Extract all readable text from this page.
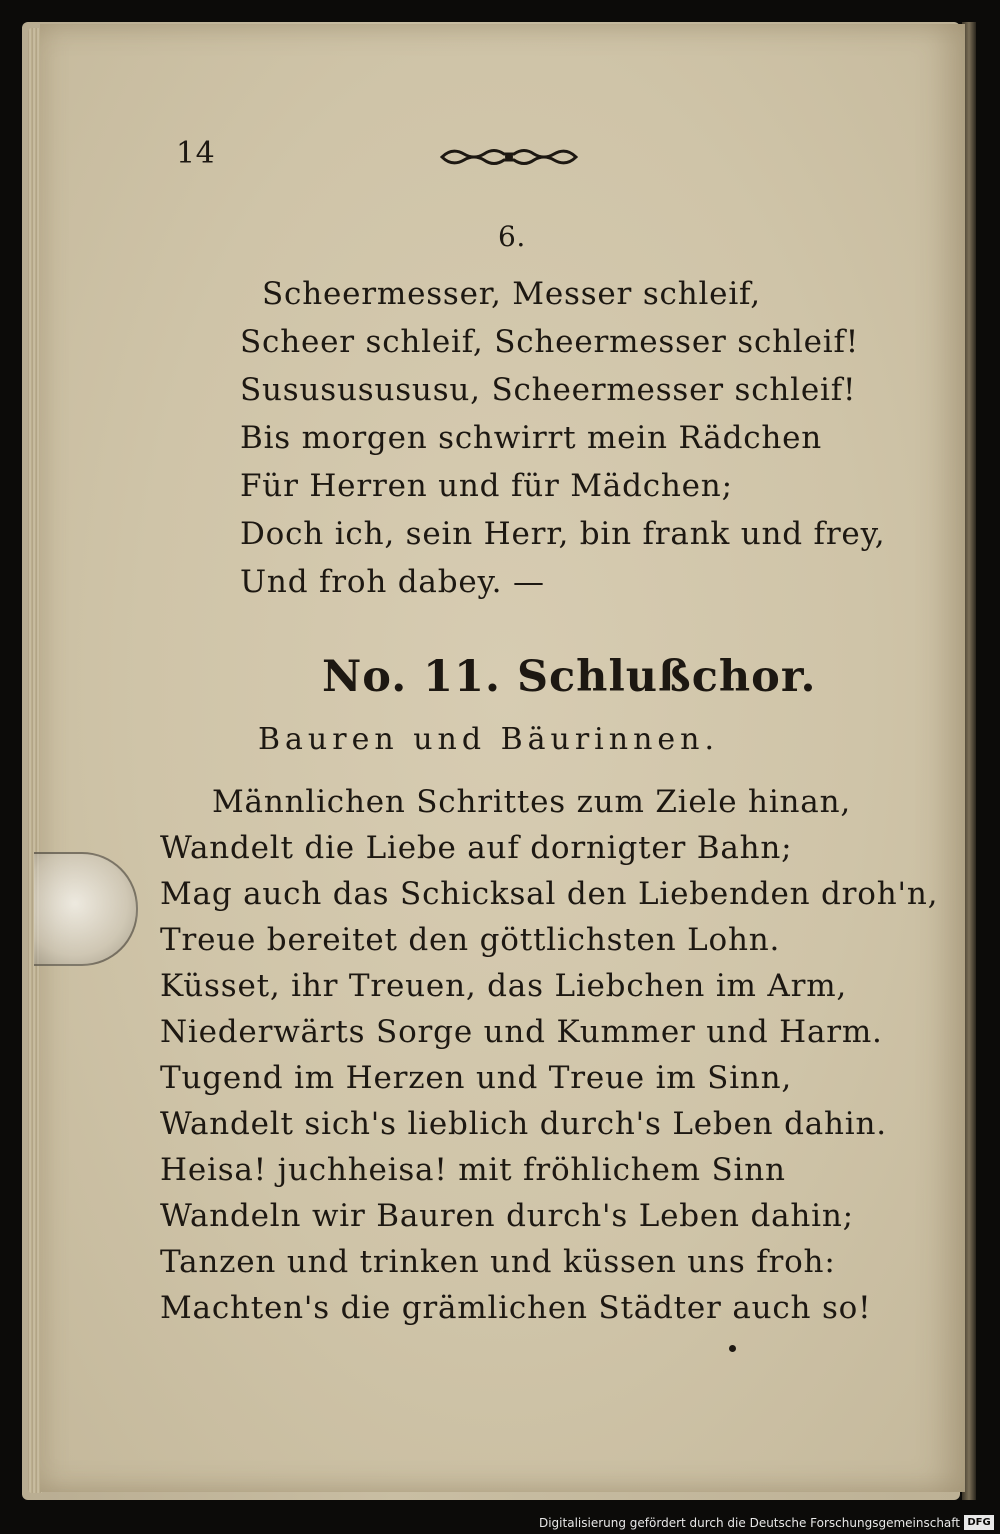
14
6.
Scheermesser, Messer schleif,
Scheer schleif, Scheermesser schleif!
Susususususu, Scheermesser schleif!
Bis morgen schwirrt mein Rädchen
Für Herren und für Mädchen;
Doch ich, sein Herr, bin frank und frey,
Und froh dabey. —
No. 11. Schlußchor.
Bauren und Bäurinnen.
Männlichen Schrittes zum Ziele hinan,
Wandelt die Liebe auf dornigter Bahn;
Mag auch das Schicksal den Liebenden droh'n,
Treue bereitet den göttlichsten Lohn.
Küsset, ihr Treuen, das Liebchen im Arm,
Niederwärts Sorge und Kummer und Harm.
Tugend im Herzen und Treue im Sinn,
Wandelt sich's lieblich durch's Leben dahin.
Heisa! juchheisa! mit fröhlichem Sinn
Wandeln wir Bauren durch's Leben dahin;
Tanzen und trinken und küssen uns froh:
Machten's die grämlichen Städter auch so!
Digitalisierung gefördert durch die Deutsche Forschungsgemeinschaft DFG
